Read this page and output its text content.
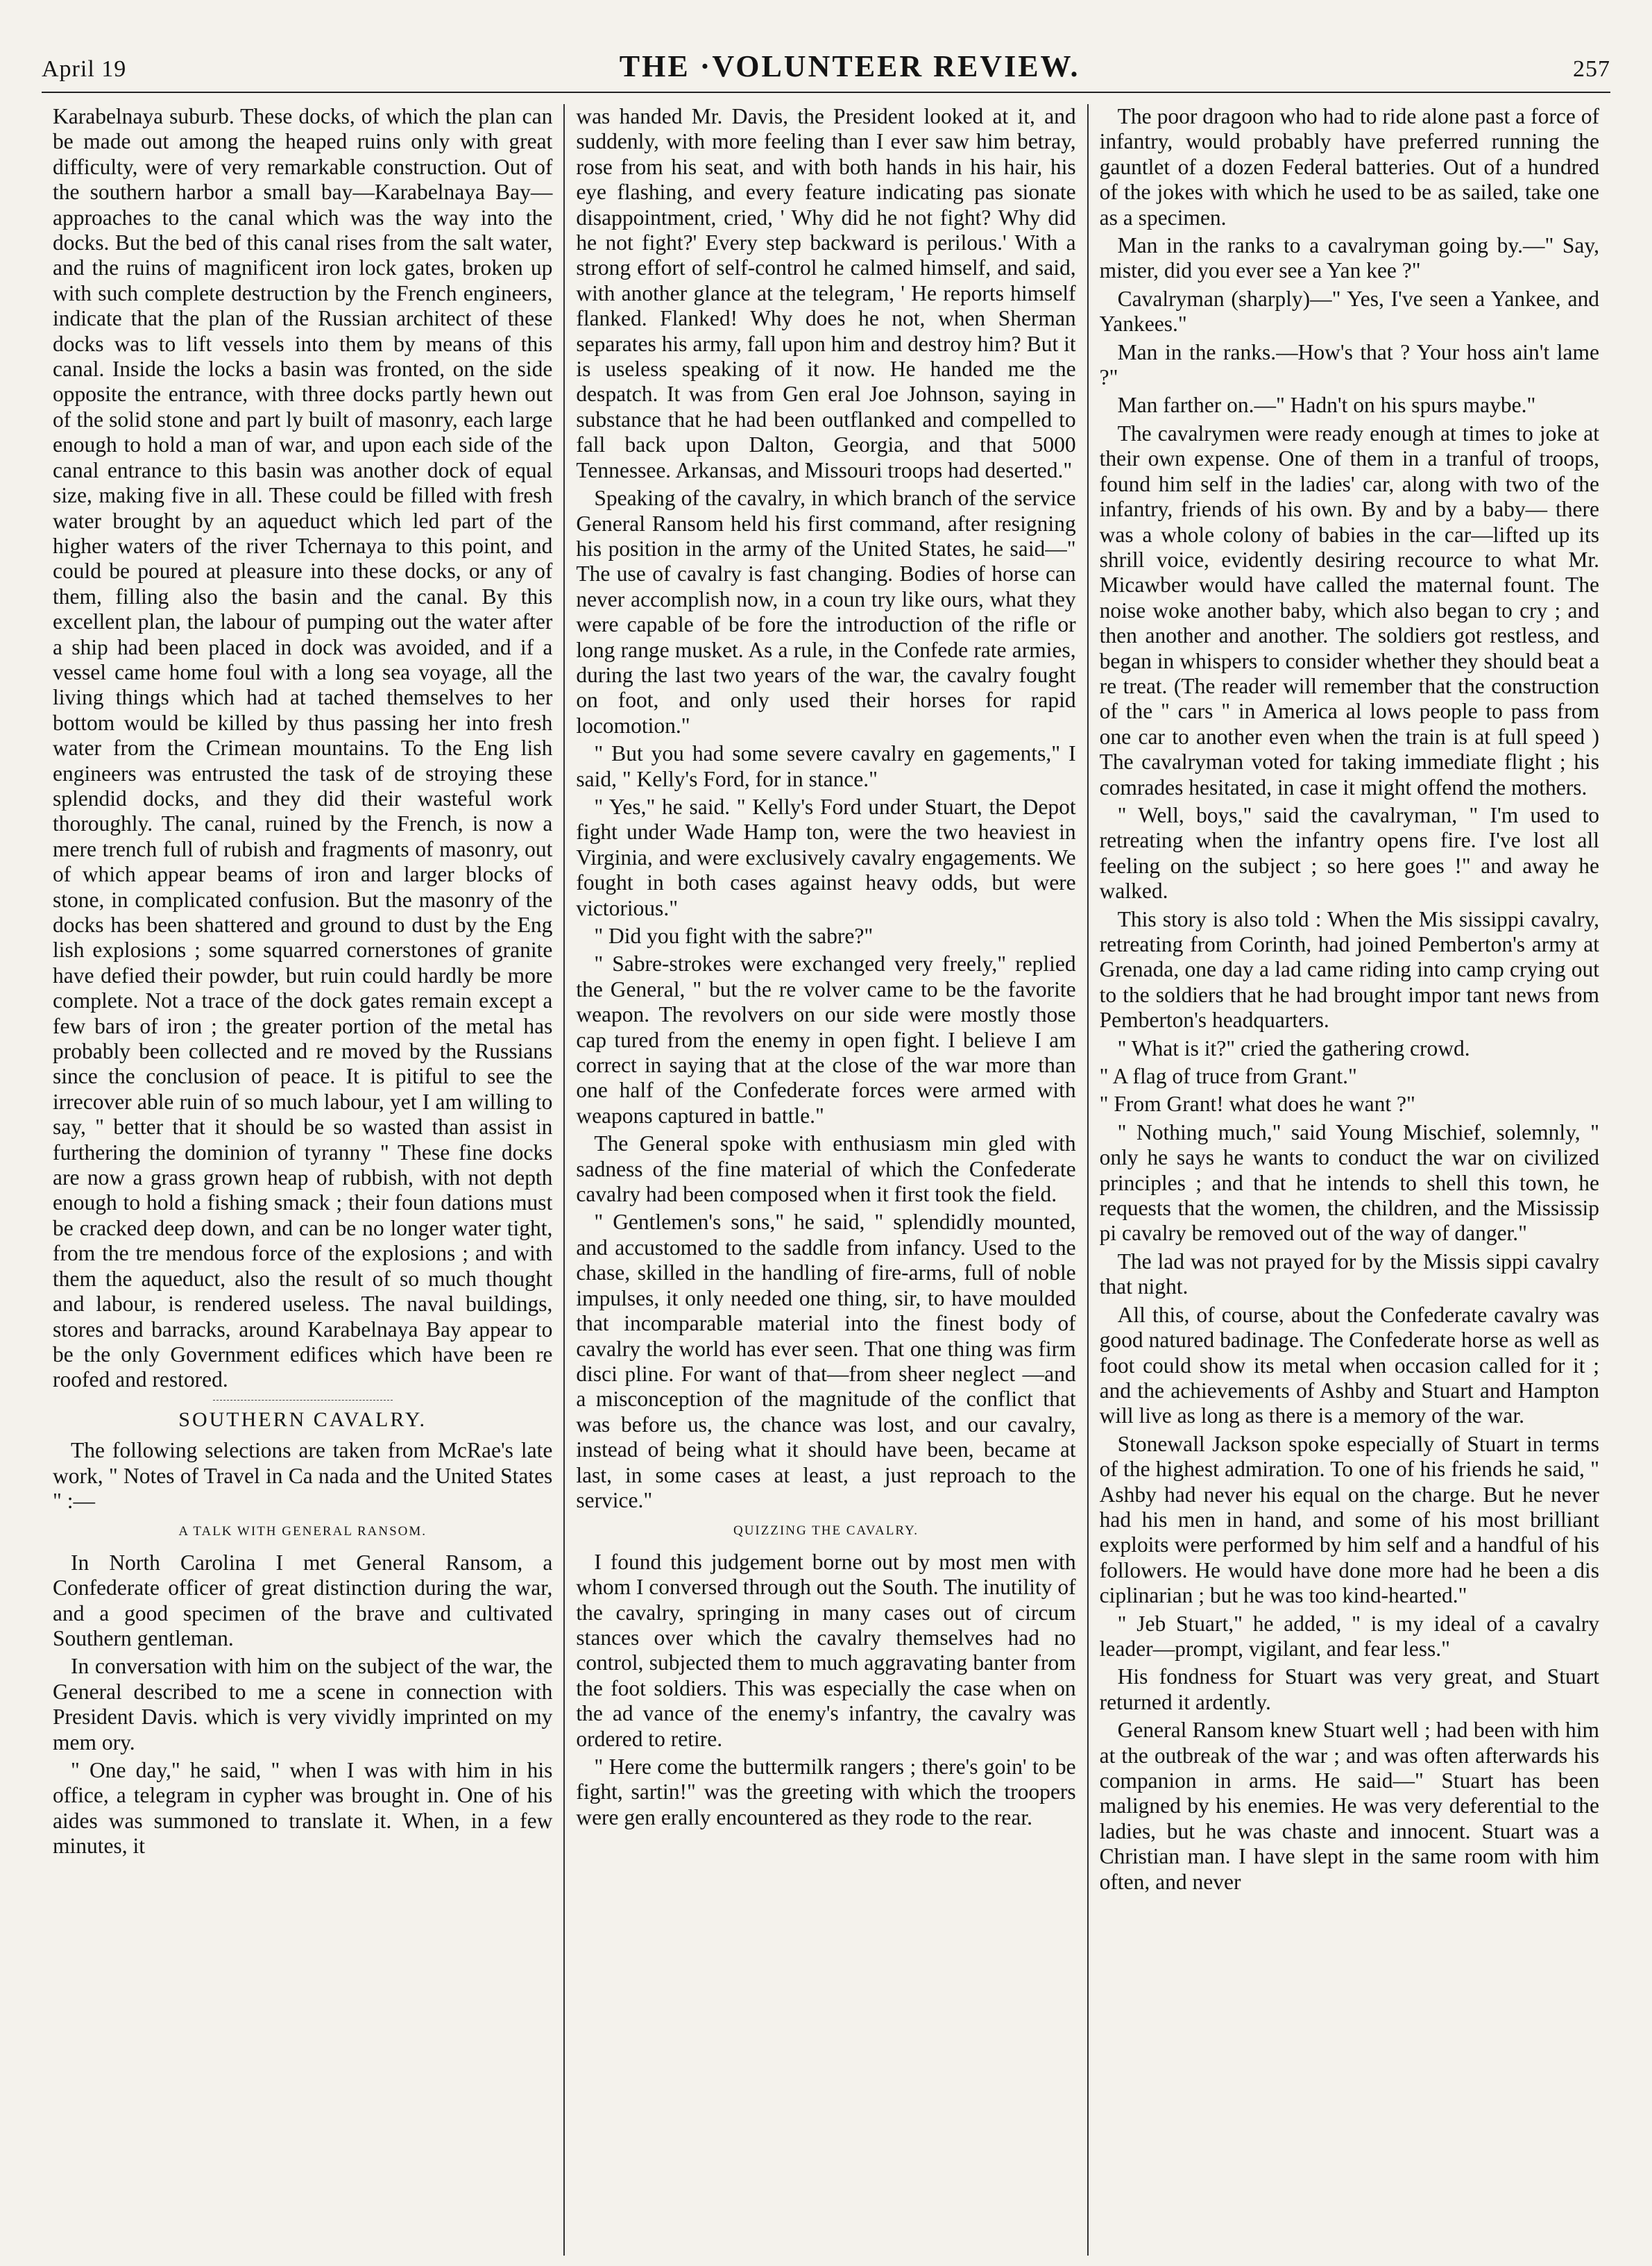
April 19	THE ·VOLUNTEER REVIEW.	257

Karabelnaya suburb. These docks, of which the plan can be made out among the heaped ruins only with great difficulty, were of very remarkable construction. Out of the southern harbor a small bay—Karabelnaya Bay—approaches to the canal which was the way into the docks. But the bed of this canal rises from the salt water, and the ruins of magnificent iron lock gates, broken up with such complete destruction by the French engineers, indicate that the plan of the Russian architect of these docks was to lift vessels into them by means of this canal. Inside the locks a basin was fronted, on the side opposite the entrance, with three docks partly hewn out of the solid stone and part ly built of masonry, each large enough to hold a man of war, and upon each side of the canal entrance to this basin was another dock of equal size, making five in all. These could be filled with fresh water brought by an aqueduct which led part of the higher waters of the river Tchernaya to this point, and could be poured at pleasure into these docks, or any of them, filling also the basin and the canal. By this excellent plan, the labour of pumping out the water after a ship had been placed in dock was avoided, and if a vessel came home foul with a long sea voyage, all the living things which had at tached themselves to her bottom would be killed by thus passing her into fresh water from the Crimean mountains. To the Eng lish engineers was entrusted the task of de stroying these splendid docks, and they did their wasteful work thoroughly. The canal, ruined by the French, is now a mere trench full of rubish and fragments of masonry, out of which appear beams of iron and larger blocks of stone, in complicated confusion. But the masonry of the docks has been shattered and ground to dust by the Eng lish explosions ; some squarred cornerstones of granite have defied their powder, but ruin could hardly be more complete. Not a trace of the dock gates remain except a few bars of iron ; the greater portion of the metal has probably been collected and re moved by the Russians since the conclusion of peace. It is pitiful to see the irrecover able ruin of so much labour, yet I am willing to say, " better that it should be so wasted than assist in furthering the dominion of tyranny " These fine docks are now a grass grown heap of rubbish, with not depth enough to hold a fishing smack ; their foun dations must be cracked deep down, and can be no longer water tight, from the tre mendous force of the explosions ; and with them the aqueduct, also the result of so much thought and labour, is rendered useless. The naval buildings, stores and barracks, around Karabelnaya Bay appear to be the only Government edifices which have been re roofed and restored.

SOUTHERN CAVALRY.

The following selections are taken from McRae's late work, " Notes of Travel in Ca nada and the United States " :—

A TALK WITH GENERAL RANSOM.

In North Carolina I met General Ransom, a Confederate officer of great distinction during the war, and a good specimen of the brave and cultivated Southern gentleman.

In conversation with him on the subject of the war, the General described to me a scene in connection with President Davis. which is very vividly imprinted on my mem ory.

" One day," he said, " when I was with him in his office, a telegram in cypher was brought in. One of his aides was summoned to translate it. When, in a few minutes, it

was handed Mr. Davis, the President looked at it, and suddenly, with more feeling than I ever saw him betray, rose from his seat, and with both hands in his hair, his eye flashing, and every feature indicating pas sionate disappointment, cried, ' Why did he not fight? Why did he not fight?' Every step backward is perilous.' With a strong effort of self-control he calmed himself, and said, with another glance at the telegram, ' He reports himself flanked. Flanked! Why does he not, when Sherman separates his army, fall upon him and destroy him? But it is useless speaking of it now. He handed me the despatch. It was from Gen eral Joe Johnson, saying in substance that he had been outflanked and compelled to fall back upon Dalton, Georgia, and that 5000 Tennessee. Arkansas, and Missouri troops had deserted."

Speaking of the cavalry, in which branch of the service General Ransom held his first command, after resigning his position in the army of the United States, he said—" The use of cavalry is fast changing. Bodies of horse can never accomplish now, in a coun try like ours, what they were capable of be fore the introduction of the rifle or long range musket. As a rule, in the Confede rate armies, during the last two years of the war, the cavalry fought on foot, and only used their horses for rapid locomotion."

" But you had some severe cavalry en gagements," I said, " Kelly's Ford, for in stance."

" Yes," he said. " Kelly's Ford under Stuart, the Depot fight under Wade Hamp ton, were the two heaviest in Virginia, and were exclusively cavalry engagements. We fought in both cases against heavy odds, but were victorious."

" Did you fight with the sabre?"

" Sabre-strokes were exchanged very freely," replied the General, " but the re volver came to be the favorite weapon. The revolvers on our side were mostly those cap tured from the enemy in open fight. I believe I am correct in saying that at the close of the war more than one half of the Confederate forces were armed with weapons captured in battle."

The General spoke with enthusiasm min gled with sadness of the fine material of which the Confederate cavalry had been composed when it first took the field.

" Gentlemen's sons," he said, " splendidly mounted, and accustomed to the saddle from infancy. Used to the chase, skilled in the handling of fire-arms, full of noble impulses, it only needed one thing, sir, to have moulded that incomparable material into the finest body of cavalry the world has ever seen. That one thing was firm disci pline. For want of that—from sheer neglect —and a misconception of the magnitude of the conflict that was before us, the chance was lost, and our cavalry, instead of being what it should have been, became at last, in some cases at least, a just reproach to the service."

QUIZZING THE CAVALRY.

I found this judgement borne out by most men with whom I conversed through out the South. The inutility of the cavalry, springing in many cases out of circum stances over which the cavalry themselves had no control, subjected them to much aggravating banter from the foot soldiers. This was especially the case when on the ad vance of the enemy's infantry, the cavalry was ordered to retire.

" Here come the buttermilk rangers ; there's goin' to be fight, sartin!" was the greeting with which the troopers were gen erally encountered as they rode to the rear.

The poor dragoon who had to ride alone past a force of infantry, would probably have preferred running the gauntlet of a dozen Federal batteries. Out of a hundred of the jokes with which he used to be as sailed, take one as a specimen.

Man in the ranks to a cavalryman going by.—" Say, mister, did you ever see a Yan kee ?"

Cavalryman (sharply)—" Yes, I've seen a Yankee, and Yankees."

Man in the ranks.—How's that ? Your hoss ain't lame ?"

Man farther on.—" Hadn't on his spurs maybe."

The cavalrymen were ready enough at times to joke at their own expense. One of them in a tranful of troops, found him self in the ladies' car, along with two of the infantry, friends of his own. By and by a baby— there was a whole colony of babies in the car—lifted up its shrill voice, evidently desiring recource to what Mr. Micawber would have called the maternal fount. The noise woke another baby, which also began to cry ; and then another and another. The soldiers got restless, and began in whispers to consider whether they should beat a re treat. (The reader will remember that the construction of the " cars " in America al lows people to pass from one car to another even when the train is at full speed ) The cavalryman voted for taking immediate flight ; his comrades hesitated, in case it might offend the mothers.

" Well, boys," said the cavalryman, " I'm used to retreating when the infantry opens fire. I've lost all feeling on the subject ; so here goes !" and away he walked.

This story is also told : When the Mis sissippi cavalry, retreating from Corinth, had joined Pemberton's army at Grenada, one day a lad came riding into camp crying out to the soldiers that he had brought impor tant news from Pemberton's headquarters.

" What is it?" cried the gathering crowd.

" A flag of truce from Grant."

" From Grant! what does he want ?"

" Nothing much," said Young Mischief, solemnly, " only he says he wants to conduct the war on civilized principles ; and that he intends to shell this town, he requests that the women, the children, and the Mississip pi cavalry be removed out of the way of danger."

The lad was not prayed for by the Missis sippi cavalry that night.

All this, of course, about the Confederate cavalry was good natured badinage. The Confederate horse as well as foot could show its metal when occasion called for it ; and the achievements of Ashby and Stuart and Hampton will live as long as there is a memory of the war.

Stonewall Jackson spoke especially of Stuart in terms of the highest admiration. To one of his friends he said, " Ashby had never his equal on the charge. But he never had his men in hand, and some of his most brilliant exploits were performed by him self and a handful of his followers. He would have done more had he been a dis ciplinarian ; but he was too kind-hearted."

" Jeb Stuart," he added, " is my ideal of a cavalry leader—prompt, vigilant, and fear less."

His fondness for Stuart was very great, and Stuart returned it ardently.

General Ransom knew Stuart well ; had been with him at the outbreak of the war ; and was often afterwards his companion in arms. He said—" Stuart has been maligned by his enemies. He was very deferential to the ladies, but he was chaste and innocent. Stuart was a Christian man. I have slept in the same room with him often, and never
